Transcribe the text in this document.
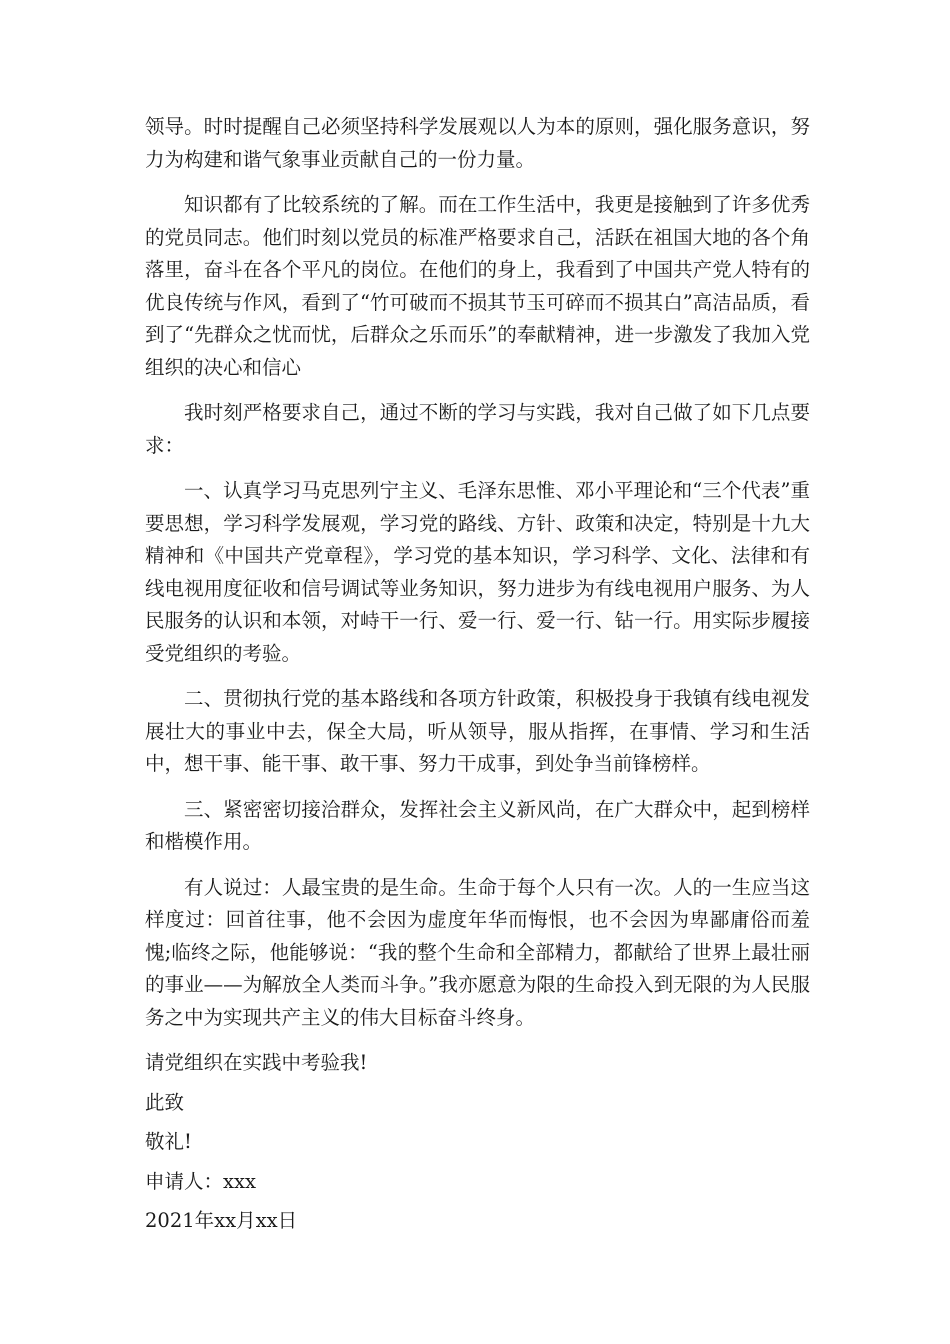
领导。时时提醒自己必须坚持科学发展观以人为本的原则，强化服务意识，努力为构建和谐气象事业贡献自己的一份力量。

知识都有了比较系统的了解。而在工作生活中，我更是接触到了许多优秀的党员同志。他们时刻以党员的标准严格要求自己，活跃在祖国大地的各个角落里，奋斗在各个平凡的岗位。在他们的身上，我看到了中国共产党人特有的优良传统与作风，看到了“竹可破而不损其节玉可碎而不损其白”高洁品质，看到了“先群众之忧而忧，后群众之乐而乐”的奉献精神，进一步激发了我加入党组织的决心和信心

我时刻严格要求自己，通过不断的学习与实践，我对自己做了如下几点要求：

一、认真学习马克思列宁主义、毛泽东思惟、邓小平理论和“三个代表”重要思想，学习科学发展观，学习党的路线、方针、政策和决定，特别是十九大精神和《中国共产党章程》，学习党的基本知识，学习科学、文化、法律和有线电视用度征收和信号调试等业务知识，努力进步为有线电视用户服务、为人民服务的认识和本领，对峙干一行、爱一行、爱一行、钻一行。用实际步履接受党组织的考验。

二、贯彻执行党的基本路线和各项方针政策，积极投身于我镇有线电视发展壮大的事业中去，保全大局，听从领导，服从指挥，在事情、学习和生活中，想干事、能干事、敢干事、努力干成事，到处争当前锋榜样。

三、紧密密切接洽群众，发挥社会主义新风尚，在广大群众中，起到榜样和楷模作用。

有人说过：人最宝贵的是生命。生命于每个人只有一次。人的一生应当这样度过：回首往事，他不会因为虚度年华而悔恨，也不会因为卑鄙庸俗而羞愧;临终之际，他能够说：“我的整个生命和全部精力，都献给了世界上最壮丽的事业——为解放全人类而斗争。”我亦愿意为限的生命投入到无限的为人民服务之中为实现共产主义的伟大目标奋斗终身。

请党组织在实践中考验我!

此致

敬礼!

申请人：xxx

2021年xx月xx日
